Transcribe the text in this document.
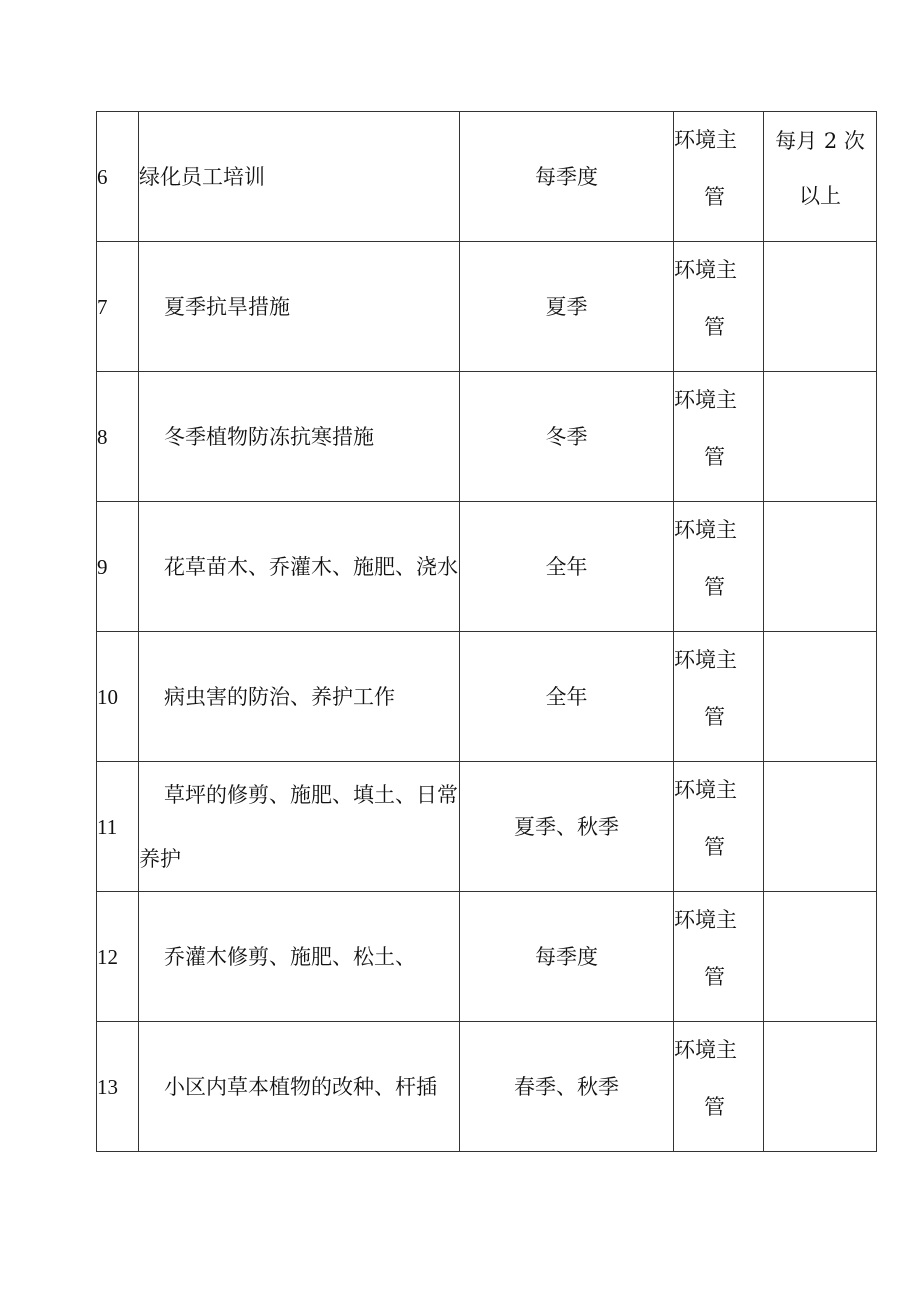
6	绿化员工培训	每季度	环境主
管	每月 2 次
以上

7	夏季抗旱措施	夏季	环境主
管	

8	冬季植物防冻抗寒措施	冬季	环境主
管	

9	花草苗木、乔灌木、施肥、浇水	全年	环境主
管	

10	病虫害的防治、养护工作	全年	环境主
管	

11	草坪的修剪、施肥、填土、日常养护	夏季、秋季	环境主
管	

12	乔灌木修剪、施肥、松土、	每季度	环境主
管	

13	小区内草本植物的改种、杆插	春季、秋季	环境主
管	
